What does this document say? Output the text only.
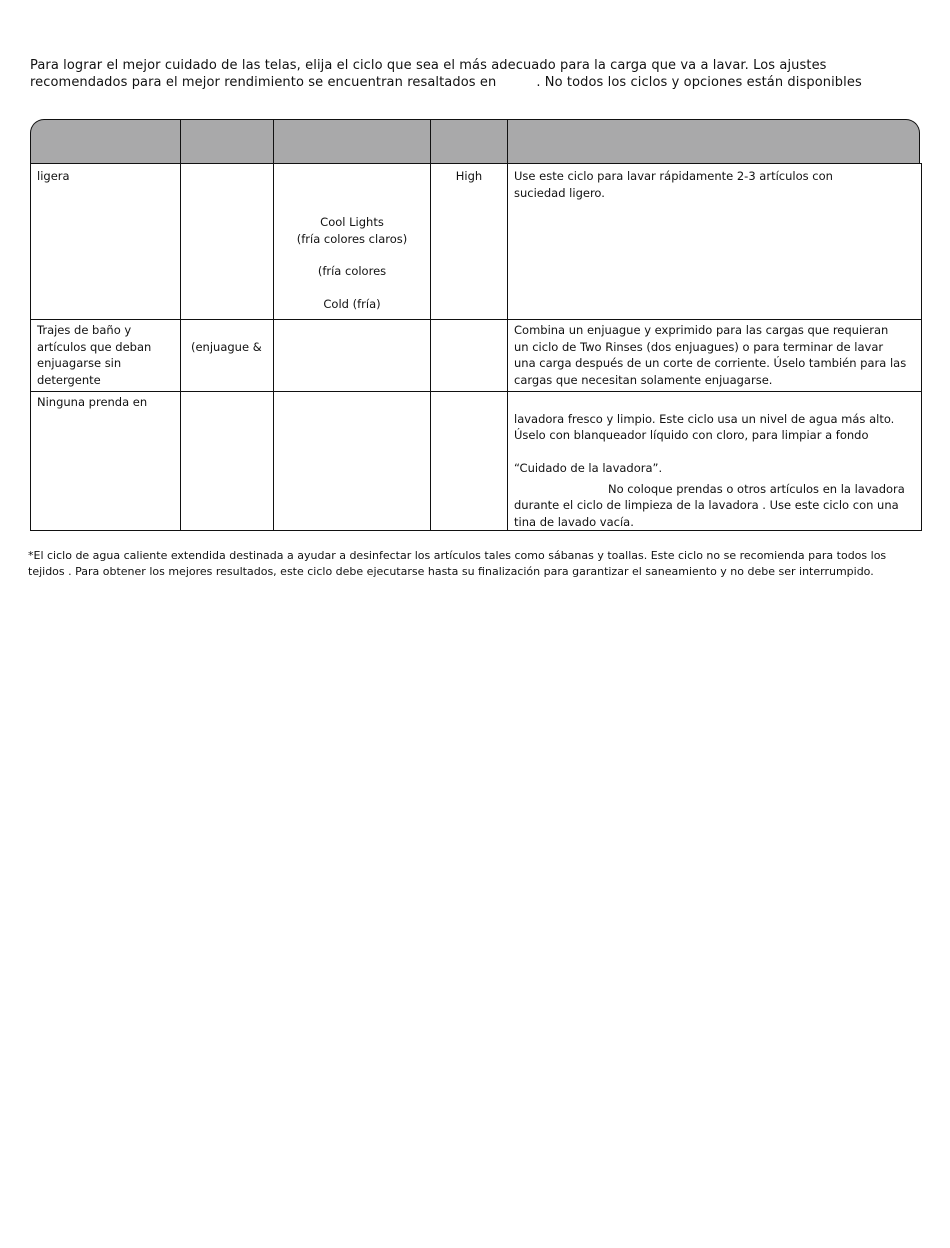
Para lograr el mejor cuidado de las telas, elija el ciclo que sea el más adecuado para la carga que va a lavar. Los ajustes
recomendados para el mejor rendimiento se encuentran resaltados en	. No todos los ciclos y opciones están disponibles
ligera
Cool Lights
(fría colores claros)
(fría colores
Cold (fría)
High	Use este ciclo para lavar rápidamente 2-3 artículos con
suciedad ligero.
Trajes de baño y
artículos que deban
enjuagarse sin
detergente
(enjuague &
Combina un enjuague y exprimido para las cargas que requieran
un ciclo de Two Rinses (dos enjuagues) o para terminar de lavar
una carga después de un corte de corriente. Úselo también para las
cargas que necesitan solamente enjuagarse.
Ninguna prenda en
lavadora fresco y limpio. Este ciclo usa un nivel de agua más alto.
Úselo con blanqueador líquido con cloro, para limpiar a fondo
“Cuidado de la lavadora”.
No coloque prendas o otros artículos en la lavadora
durante el ciclo de limpieza de la lavadora . Use este ciclo con una
tina de lavado vacía.
*El ciclo de agua caliente extendida destinada a ayudar a desinfectar los artículos tales como sábanas y toallas. Este ciclo no se recomienda para todos los
tejidos . Para obtener los mejores resultados, este ciclo debe ejecutarse hasta su finalización para garantizar el saneamiento y no debe ser interrumpido.
